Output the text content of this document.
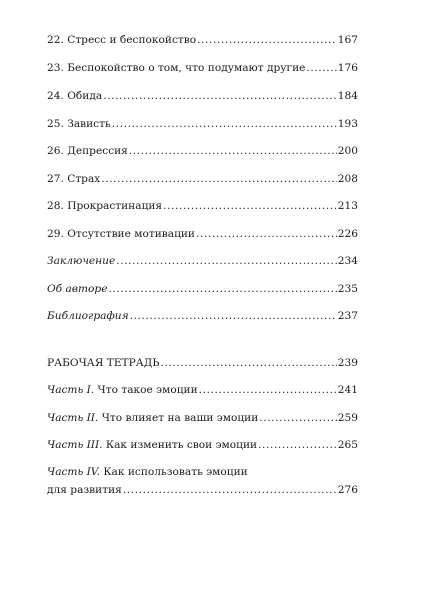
22. Стресс и беспокойство .....	167
23. Беспокойство о том, что подумают другие .....	176
24. Обида .....	184
25. Зависть .....	193
26. Депрессия .....	200
27. Страх .....	208
28. Прокрастинация .....	213
29. Отсутствие мотивации .....	226
Заключение .....	234
Об авторе .....	235
Библиография .....	237
РАБОЧАЯ ТЕТРАДЬ .....	239
Часть I. Что такое эмоции .....	241
Часть II. Что влияет на ваши эмоции .....	259
Часть III. Как изменить свои эмоции .....	265
Часть IV. Как использовать эмоции
для развития .....	276
